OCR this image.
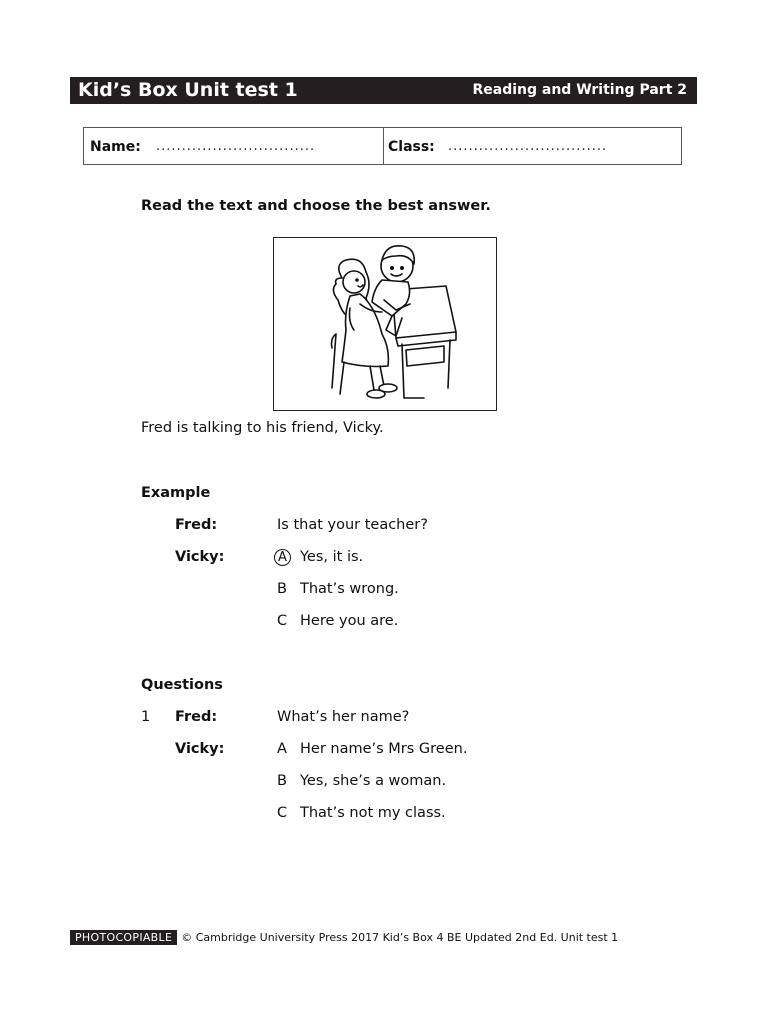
Kid’s Box Unit test 1	Reading and Writing Part 2
Name: ...............................	Class: ...............................
Read the text and choose the best answer.
Fred is talking to his friend, Vicky.
Example
Fred:	Is that your teacher?
Vicky:	A Yes, it is.
B That’s wrong.
C Here you are.
Questions
1 Fred:	What’s her name?
Vicky:	A Her name’s Mrs Green.
B Yes, she’s a woman.
C That’s not my class.
PHOTOCOPIABLE © Cambridge University Press 2017 Kid’s Box 4 BE Updated 2nd Ed. Unit test 1
